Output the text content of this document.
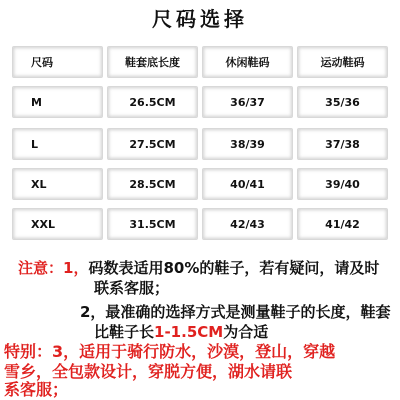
尺码选择
尺码	鞋套底长度	休闲鞋码	运动鞋码
M	26.5CM	36/37	35/36
L	27.5CM	38/39	37/38
XL	28.5CM	40/41	39/40
XXL	31.5CM	42/43	41/42
注意：1，码数表适用80%的鞋子，若有疑问，请及时
联系客服；
2，最准确的选择方式是测量鞋子的长度，鞋套
比鞋子长1-1.5CM为合适
特别：3，适用于骑行防水，沙漠，登山，穿越
雪乡，全包款设计，穿脱方便，湖水请联
系客服；
